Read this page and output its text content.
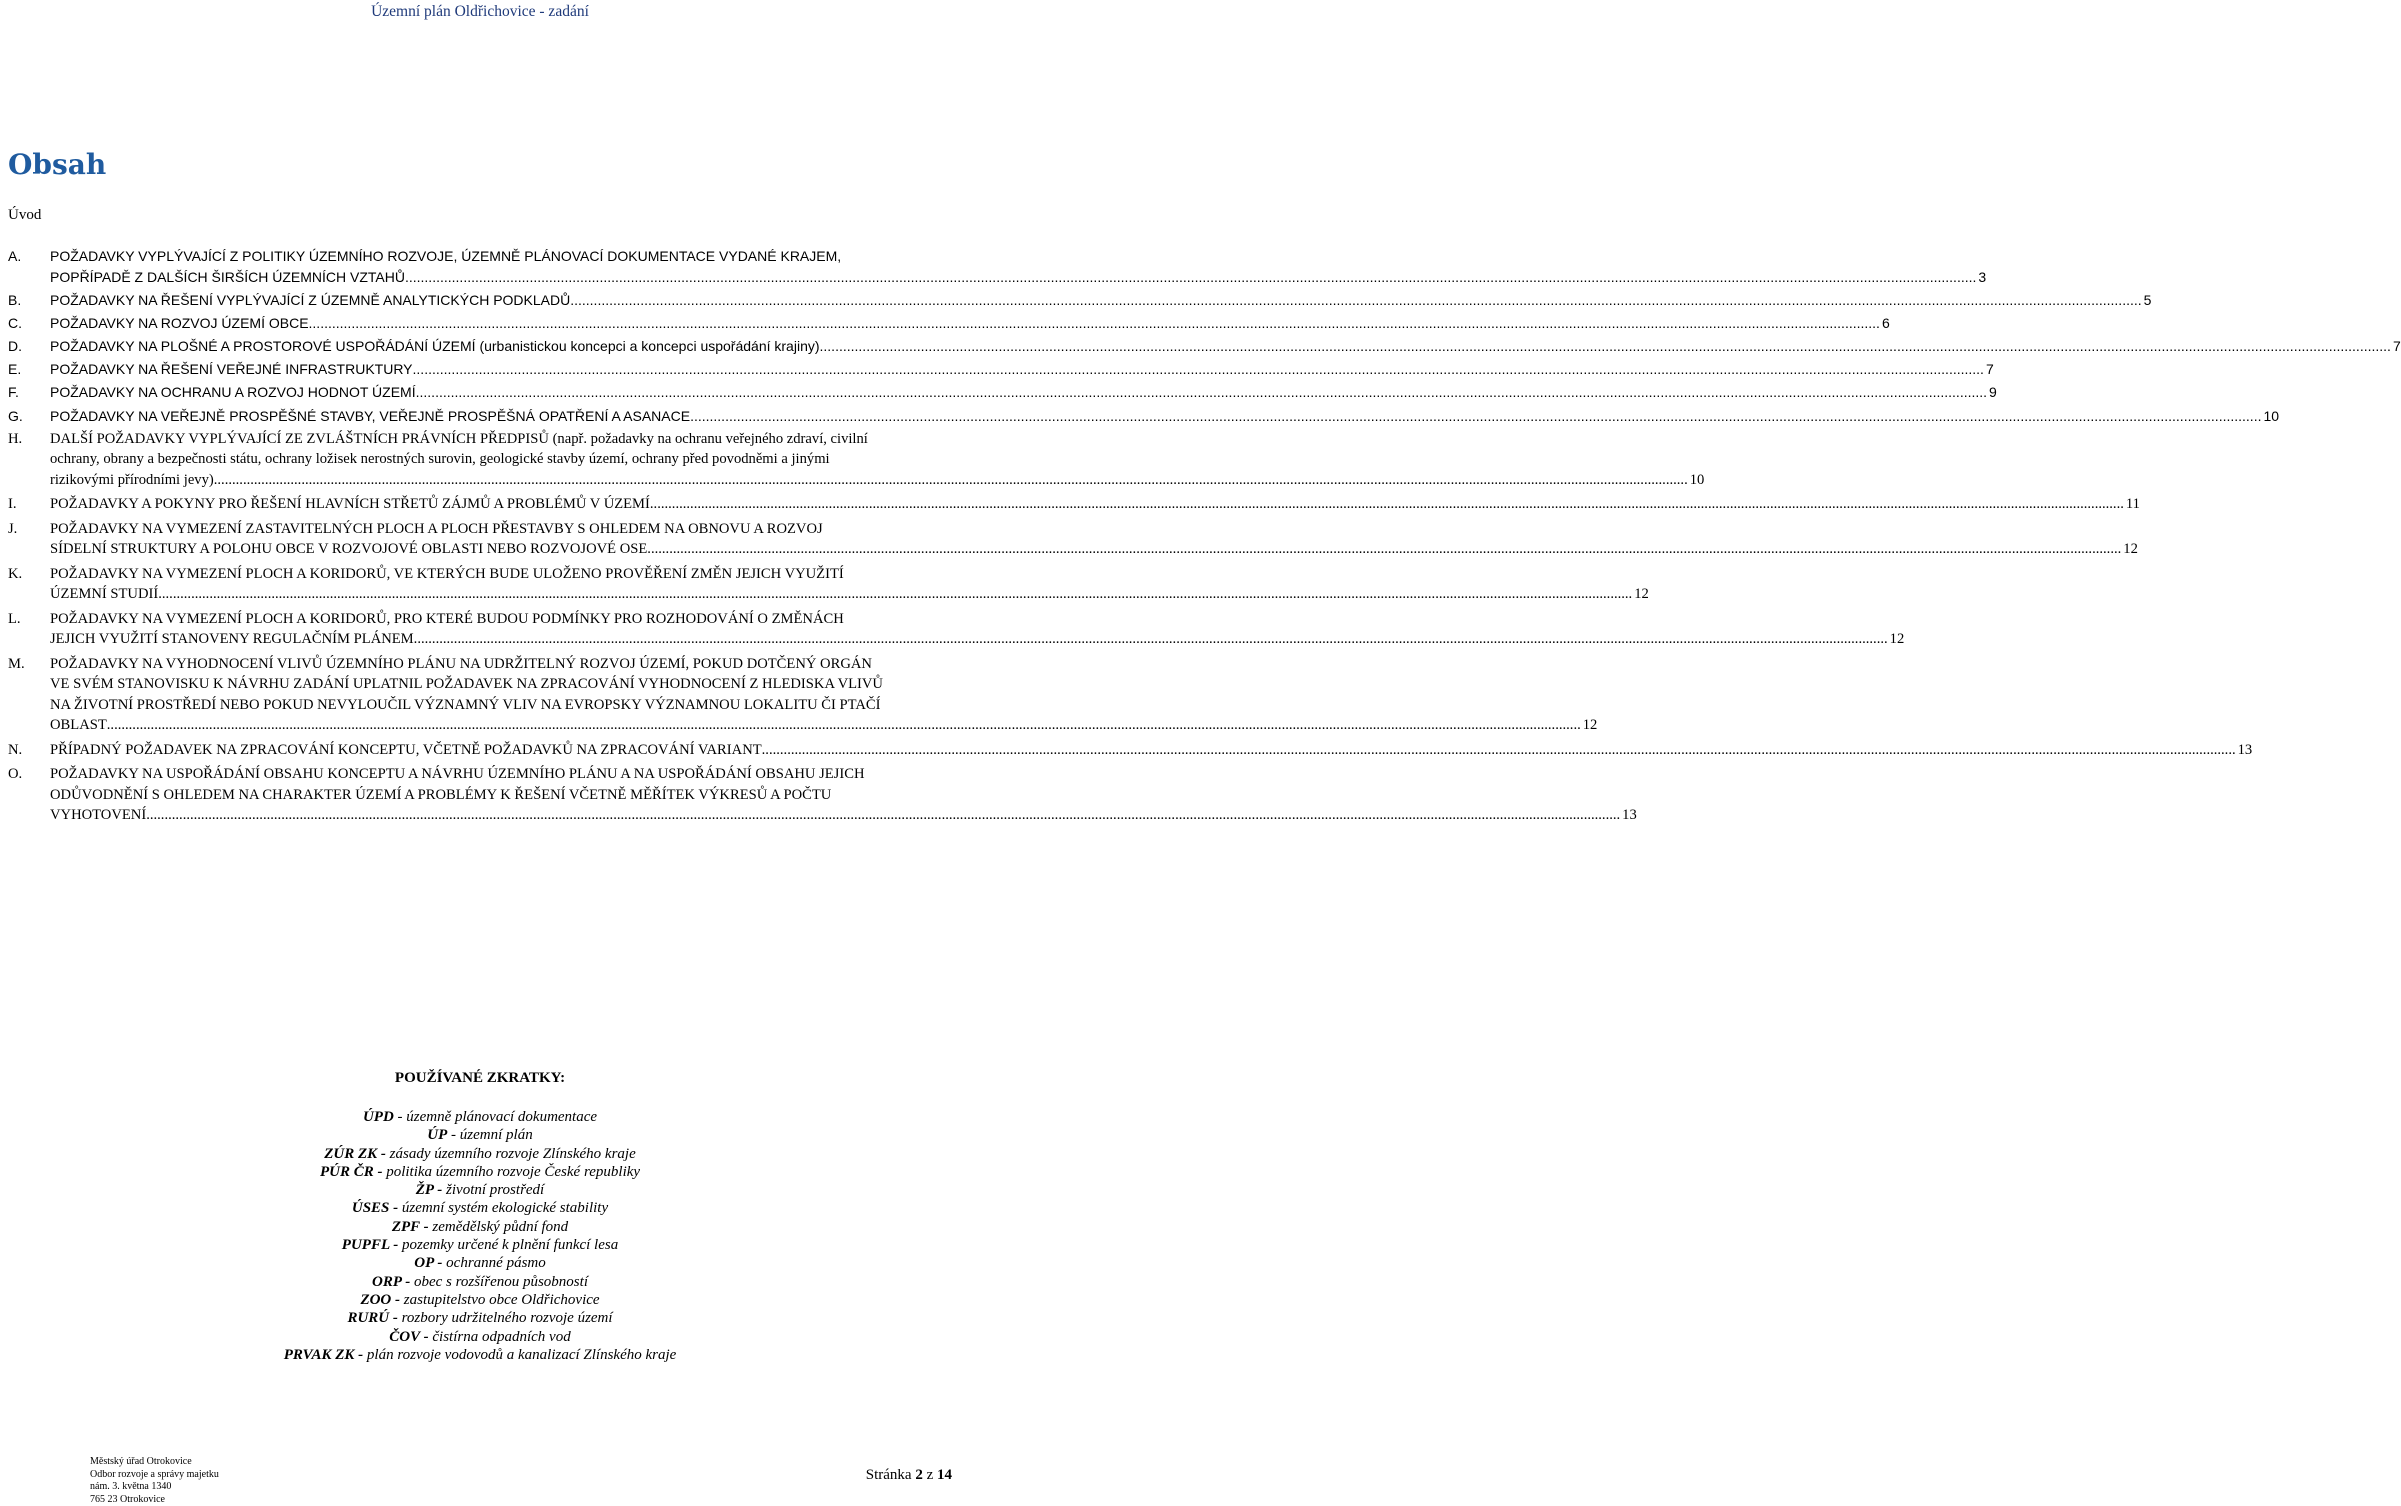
Územní plán Oldřichovice - zadání
Obsah
Úvod
A.	POŽADAVKY VYPLÝVAJÍCÍ Z POLITIKY ÚZEMNÍHO ROZVOJE, ÚZEMNĚ PLÁNOVACÍ DOKUMENTACE VYDANÉ KRAJEM,
POPŘÍPADĚ Z DALŠÍCH ŠIRŠÍCH ÚZEMNÍCH VZTAHŮ .....	3
B.	POŽADAVKY NA ŘEŠENÍ VYPLÝVAJÍCÍ Z ÚZEMNĚ ANALYTICKÝCH PODKLADŮ .....	5
C.	POŽADAVKY NA ROZVOJ ÚZEMÍ OBCE .....	6
D.	POŽADAVKY NA PLOŠNÉ A PROSTOROVÉ USPOŘÁDÁNÍ ÚZEMÍ (urbanistickou koncepci a koncepci uspořádání krajiny) .....	7
E.	POŽADAVKY NA ŘEŠENÍ VEŘEJNÉ INFRASTRUKTURY .....	7
F.	POŽADAVKY NA OCHRANU A ROZVOJ HODNOT ÚZEMÍ .....	9
G.	POŽADAVKY NA VEŘEJNĚ PROSPĚŠNÉ STAVBY, VEŘEJNĚ PROSPĚŠNÁ OPATŘENÍ A ASANACE .....	10
H.	DALŠÍ POŽADAVKY VYPLÝVAJÍCÍ ZE ZVLÁŠTNÍCH PRÁVNÍCH PŘEDPISŮ (např. požadavky na ochranu veřejného zdraví, civilní
ochrany, obrany a bezpečnosti státu, ochrany ložisek nerostných surovin, geologické stavby území, ochrany před povodněmi a jinými
rizikovými přírodními jevy) .....	10
I.	POŽADAVKY A POKYNY PRO ŘEŠENÍ HLAVNÍCH STŘETŮ ZÁJMŮ A PROBLÉMŮ V ÚZEMÍ .....	11
J.	POŽADAVKY NA VYMEZENÍ ZASTAVITELNÝCH PLOCH A PLOCH PŘESTAVBY S OHLEDEM NA OBNOVU A ROZVOJ
SÍDELNÍ STRUKTURY A POLOHU OBCE V ROZVOJOVÉ OBLASTI NEBO ROZVOJOVÉ OSE .....	12
K.	POŽADAVKY NA VYMEZENÍ PLOCH A KORIDORŮ, VE KTERÝCH BUDE ULOŽENO PROVĚŘENÍ ZMĚN JEJICH VYUŽITÍ
ÚZEMNÍ STUDIÍ .....	12
L.	POŽADAVKY NA VYMEZENÍ PLOCH A KORIDORŮ, PRO KTERÉ BUDOU PODMÍNKY PRO ROZHODOVÁNÍ O ZMĚNÁCH
JEJICH VYUŽITÍ STANOVENY REGULAČNÍM PLÁNEM .....	12
M.	POŽADAVKY NA VYHODNOCENÍ VLIVŮ ÚZEMNÍHO PLÁNU NA UDRŽITELNÝ ROZVOJ ÚZEMÍ, POKUD DOTČENÝ ORGÁN
VE SVÉM STANOVISKU K NÁVRHU ZADÁNÍ UPLATNIL POŽADAVEK NA ZPRACOVÁNÍ VYHODNOCENÍ Z HLEDISKA VLIVŮ
NA ŽIVOTNÍ PROSTŘEDÍ NEBO POKUD NEVYLOUČIL VÝZNAMNÝ VLIV NA EVROPSKY VÝZNAMNOU LOKALITU ČI PTAČÍ
OBLAST .....	12
N.	PŘÍPADNÝ POŽADAVEK NA ZPRACOVÁNÍ KONCEPTU, VČETNĚ POŽADAVKŮ NA ZPRACOVÁNÍ VARIANT .....	13
O.	POŽADAVKY NA USPOŘÁDÁNÍ OBSAHU KONCEPTU A NÁVRHU ÚZEMNÍHO PLÁNU A NA USPOŘÁDÁNÍ OBSAHU JEJICH
ODŮVODNĚNÍ S OHLEDEM NA CHARAKTER ÚZEMÍ A PROBLÉMY K ŘEŠENÍ VČETNĚ MĚŘÍTEK VÝKRESŮ A POČTU
VYHOTOVENÍ .....	13
POUŽÍVANÉ ZKRATKY:
ÚPD - územně plánovací dokumentace
ÚP - územní plán
ZÚR ZK - zásady územního rozvoje Zlínského kraje
PÚR ČR - politika územního rozvoje České republiky
ŽP - životní prostředí
ÚSES - územní systém ekologické stability
ZPF - zemědělský půdní fond
PUPFL - pozemky určené k plnění funkcí lesa
OP - ochranné pásmo
ORP - obec s rozšířenou působností
ZOO - zastupitelstvo obce Oldřichovice
RURÚ - rozbory udržitelného rozvoje území
ČOV - čistírna odpadních vod
PRVAK ZK - plán rozvoje vodovodů a kanalizací Zlínského kraje
Městský úřad Otrokovice
Odbor rozvoje a správy majetku
nám. 3. května 1340
765 23 Otrokovice
Stránka 2 z 14
